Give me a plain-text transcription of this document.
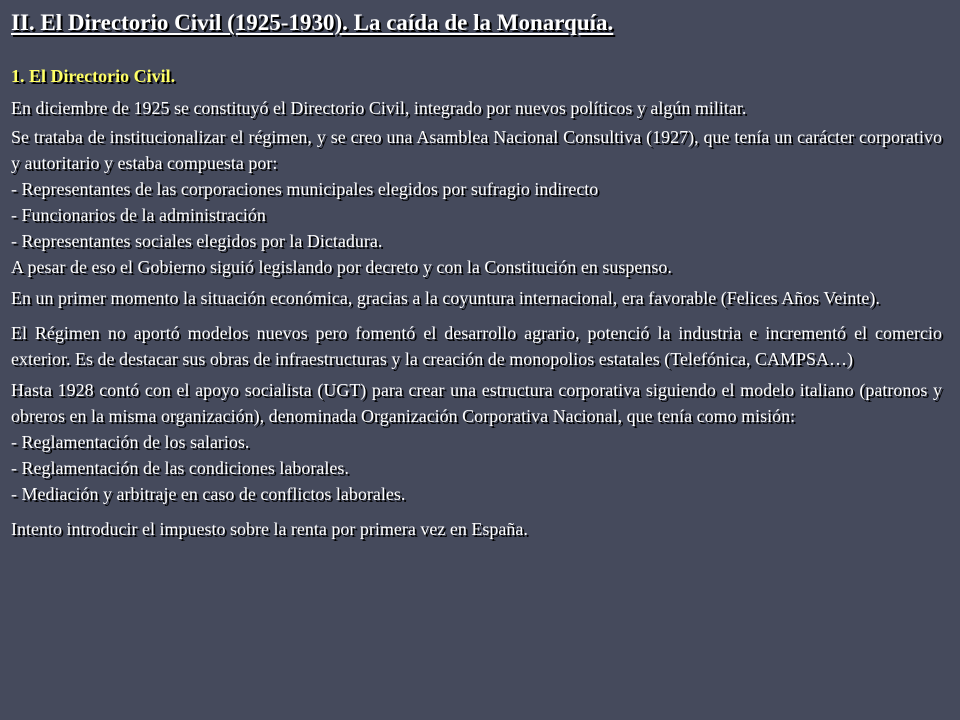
II. El Directorio Civil (1925-1930). La caída de la Monarquía.

1. El Directorio Civil.

En diciembre de 1925 se constituyó el Directorio Civil, integrado por nuevos políticos y algún militar.

Se trataba de institucionalizar el régimen, y se creo una Asamblea Nacional Consultiva (1927), que tenía un carácter corporativo y autoritario y estaba compuesta por:
- Representantes de las corporaciones municipales elegidos por sufragio indirecto
- Funcionarios de la administración
- Representantes sociales elegidos por la Dictadura.
A pesar de eso el Gobierno siguió legislando por decreto y con la Constitución en suspenso.

En un primer momento la situación económica, gracias a la coyuntura internacional, era favorable (Felices Años Veinte).

El Régimen no aportó modelos nuevos pero fomentó el desarrollo agrario, potenció la industria e incrementó el comercio exterior. Es de destacar sus obras de infraestructuras y la creación de monopolios estatales (Telefónica, CAMPSA…)

Hasta 1928 contó con el apoyo socialista (UGT) para crear una estructura corporativa siguiendo el modelo italiano (patronos y obreros en la misma organización), denominada Organización Corporativa Nacional, que tenía como misión:
- Reglamentación de los salarios.
- Reglamentación de las condiciones laborales.
- Mediación y arbitraje en caso de conflictos laborales.

Intento introducir el impuesto sobre la renta por primera vez en España.
